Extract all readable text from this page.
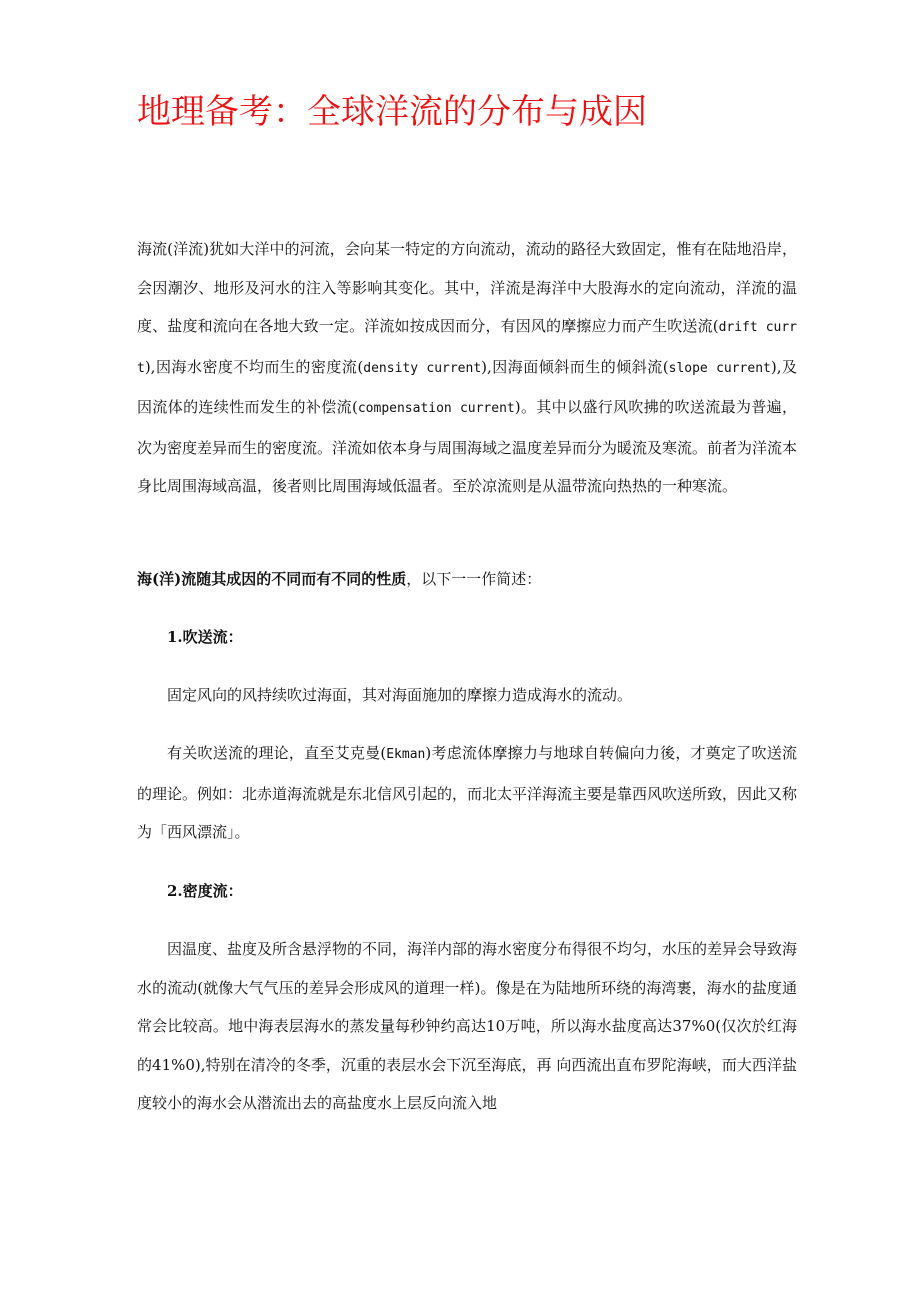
地理备考：全球洋流的分布与成因

海流(洋流)犹如大洋中的河流，会向某一特定的方向流动，流动的路径大致固定，惟有在陆地沿岸，会因潮汐、地形及河水的注入等影响其变化。其中，洋流是海洋中大股海水的定向流动，洋流的温度、盐度和流向在各地大致一定。洋流如按成因而分，有因风的摩擦应力而产生吹送流(drift currt),因海水密度不均而生的密度流(density current),因海面倾斜而生的倾斜流(slope current),及因流体的连续性而发生的补偿流(compensation current)。其中以盛行风吹拂的吹送流最为普遍，次为密度差异而生的密度流。洋流如依本身与周围海域之温度差异而分为暖流及寒流。前者为洋流本身比周围海域高温，後者则比周围海域低温者。至於凉流则是从温带流向热热的一种寒流。

海(洋)流随其成因的不同而有不同的性质，以下一一作简述：

1.吹送流：

固定风向的风持续吹过海面，其对海面施加的摩擦力造成海水的流动。

有关吹送流的理论，直至艾克曼(Ekman)考虑流体摩擦力与地球自转偏向力後，才奠定了吹送流的理论。例如：北赤道海流就是东北信风引起的，而北太平洋海流主要是靠西风吹送所致，因此又称为「西风漂流」。

2.密度流：

因温度、盐度及所含悬浮物的不同，海洋内部的海水密度分布得很不均匀，水压的差异会导致海水的流动(就像大气气压的差异会形成风的道理一样)。像是在为陆地所环绕的海湾裹，海水的盐度通常会比较高。地中海表层海水的蒸发量每秒钟约高达10万吨，所以海水盐度高达37%0(仅次於红海的41%0),特别在清冷的冬季，沉重的表层水会下沉至海底，再 向西流出直布罗陀海峡，而大西洋盐度较小的海水会从潜流出去的高盐度水上层反向流入地
